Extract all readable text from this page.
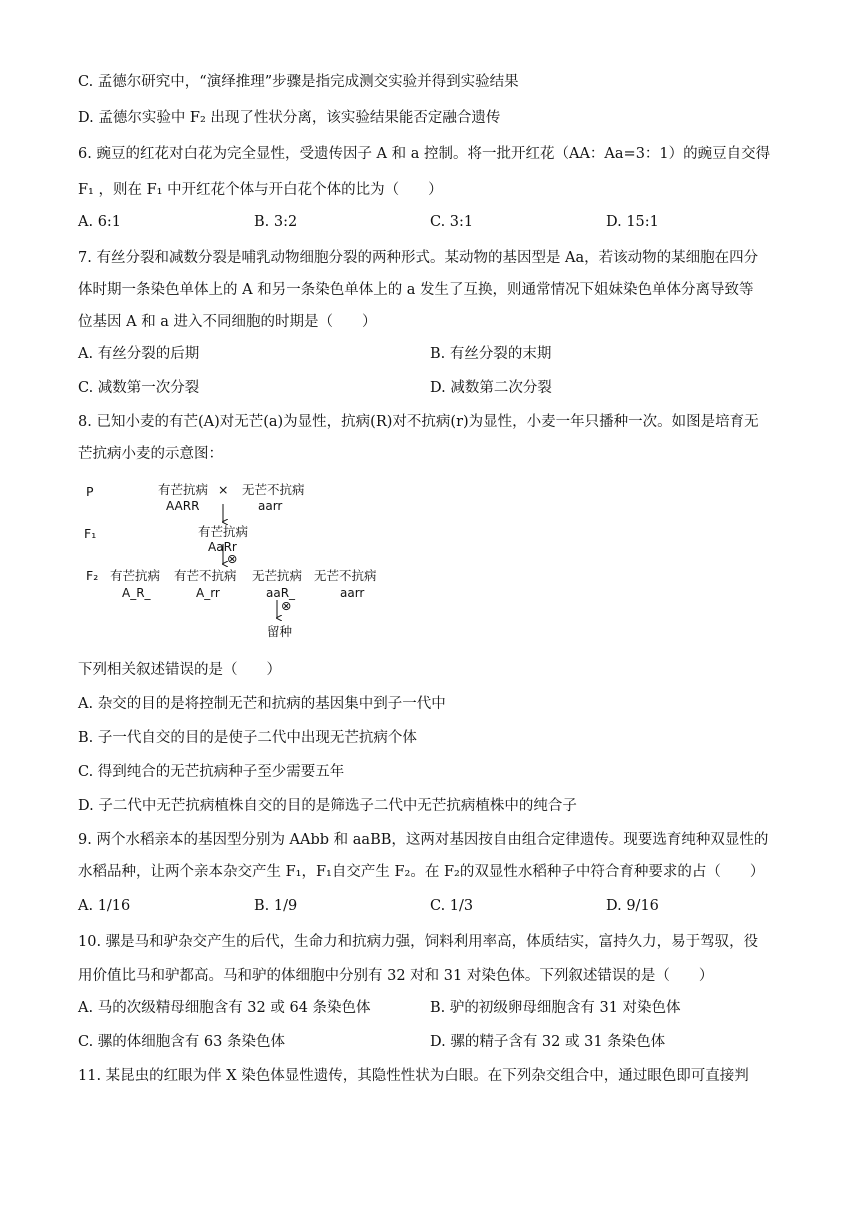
C. 孟德尔研究中，“演绎推理”步骤是指完成测交实验并得到实验结果
D. 孟德尔实验中 F₂ 出现了性状分离，该实验结果能否定融合遗传
6. 豌豆的红花对白花为完全显性，受遗传因子 A 和 a 控制。将一批开红花（AA：Aa=3：1）的豌豆自交得
F₁ ，则在 F₁ 中开红花个体与开白花个体的比为（　　）
A. 6:1	B. 3:2	C. 3:1	D. 15:1
7. 有丝分裂和减数分裂是哺乳动物细胞分裂的两种形式。某动物的基因型是 Aa，若该动物的某细胞在四分
体时期一条染色单体上的 A 和另一条染色单体上的 a 发生了互换，则通常情况下姐妹染色单体分离导致等
位基因 A 和 a 进入不同细胞的时期是（　　）
A. 有丝分裂的后期	B. 有丝分裂的末期
C. 减数第一次分裂	D. 减数第二次分裂
8. 已知小麦的有芒(A)对无芒(a)为显性，抗病(R)对不抗病(r)为显性，小麦一年只播种一次。如图是培育无
芒抗病小麦的示意图：
P	有芒抗病 × 无芒不抗病
AARR	aarr
F₁	有芒抗病
AaRr
⊗
F₂ 有芒抗病 有芒不抗病 无芒抗病 无芒不抗病
A_R_	A_rr	aaR_	aarr
⊗
留种
下列相关叙述错误的是（　　）
A. 杂交的目的是将控制无芒和抗病的基因集中到子一代中
B. 子一代自交的目的是使子二代中出现无芒抗病个体
C. 得到纯合的无芒抗病种子至少需要五年
D. 子二代中无芒抗病植株自交的目的是筛选子二代中无芒抗病植株中的纯合子
9. 两个水稻亲本的基因型分别为 AAbb 和 aaBB，这两对基因按自由组合定律遗传。现要选育纯种双显性的
水稻品种，让两个亲本杂交产生 F₁，F₁自交产生 F₂。在 F₂的双显性水稻种子中符合育种要求的占（　　）
A. 1/16	B. 1/9	C. 1/3	D. 9/16
10. 骡是马和驴杂交产生的后代，生命力和抗病力强，饲料利用率高，体质结实，富持久力，易于驾驭，役
用价值比马和驴都高。马和驴的体细胞中分别有 32 对和 31 对染色体。下列叙述错误的是（　　）
A. 马的次级精母细胞含有 32 或 64 条染色体	B. 驴的初级卵母细胞含有 31 对染色体
C. 骡的体细胞含有 63 条染色体	D. 骡的精子含有 32 或 31 条染色体
11. 某昆虫的红眼为伴 X 染色体显性遗传，其隐性性状为白眼。在下列杂交组合中，通过眼色即可直接判
